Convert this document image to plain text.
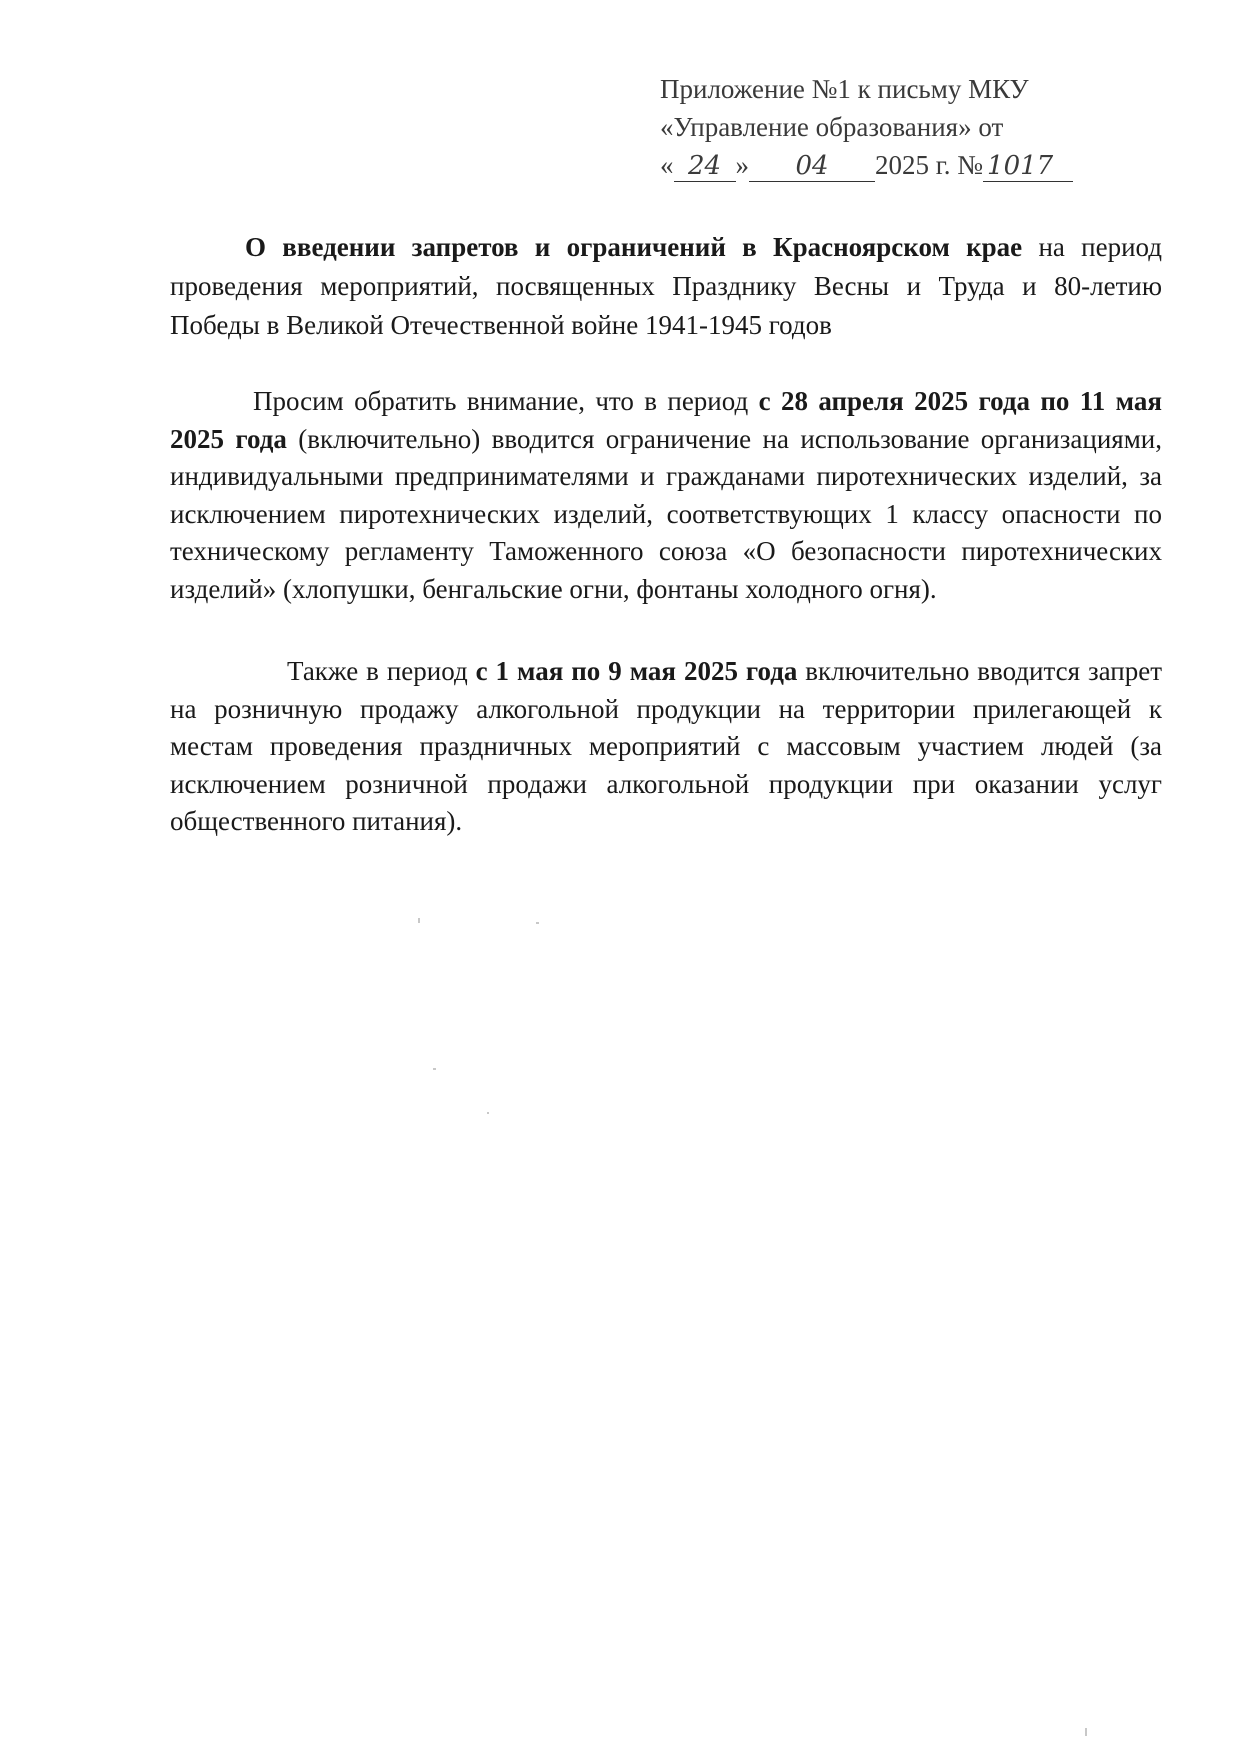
Приложение №1 к письму МКУ
«Управление образования» от
« 24 » 04 2025 г. № 1017
О введении запретов и ограничений в Красноярском крае на период проведения мероприятий, посвященных Празднику Весны и Труда и 80-летию Победы в Великой Отечественной войне 1941-1945 годов

Просим обратить внимание, что в период с 28 апреля 2025 года по 11 мая 2025 года (включительно) вводится ограничение на использование организациями, индивидуальными предпринимателями и гражданами пиротехнических изделий, за исключением пиротехнических изделий, соответствующих 1 классу опасности по техническому регламенту Таможенного союза «О безопасности пиротехнических изделий» (хлопушки, бенгальские огни, фонтаны холодного огня).

Также в период с 1 мая по 9 мая 2025 года включительно вводится запрет на розничную продажу алкогольной продукции на территории прилегающей к местам проведения праздничных мероприятий с массовым участием людей (за исключением розничной продажи алкогольной продукции при оказании услуг общественного питания).
